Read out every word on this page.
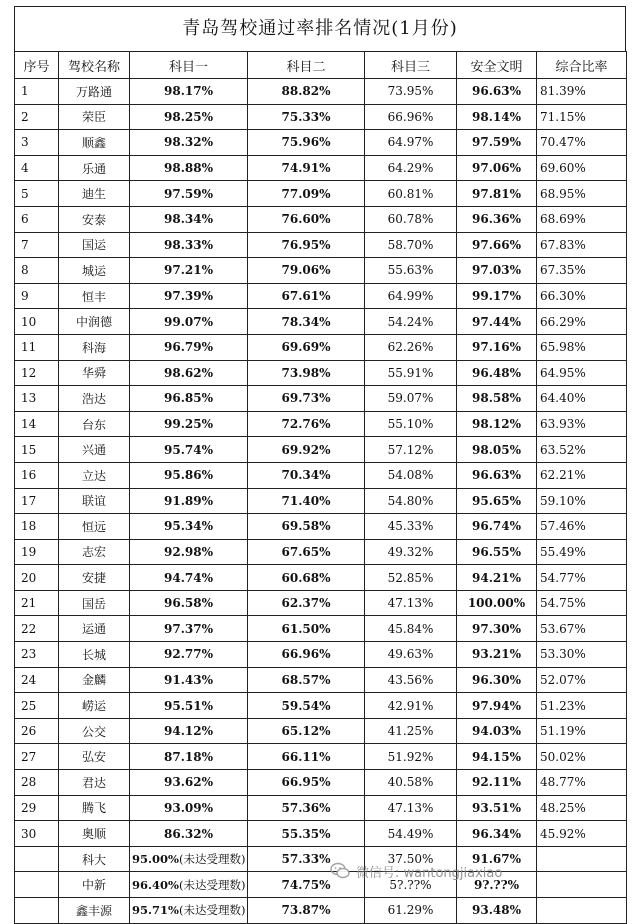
青岛驾校通过率排名情况(1月份)
序号	驾校名称	科目一	科目二	科目三	安全文明	综合比率
1	万路通	98.17%	88.82%	73.95%	96.63%	81.39%
2	荣臣	98.25%	75.33%	66.96%	98.14%	71.15%
3	顺鑫	98.32%	75.96%	64.97%	97.59%	70.47%
4	乐通	98.88%	74.91%	64.29%	97.06%	69.60%
5	迪生	97.59%	77.09%	60.81%	97.81%	68.95%
6	安泰	98.34%	76.60%	60.78%	96.36%	68.69%
7	国运	98.33%	76.95%	58.70%	97.66%	67.83%
8	城运	97.21%	79.06%	55.63%	97.03%	67.35%
9	恒丰	97.39%	67.61%	64.99%	99.17%	66.30%
10	中润德	99.07%	78.34%	54.24%	97.44%	66.29%
11	科海	96.79%	69.69%	62.26%	97.16%	65.98%
12	华舜	98.62%	73.98%	55.91%	96.48%	64.95%
13	浩达	96.85%	69.73%	59.07%	98.58%	64.40%
14	台东	99.25%	72.76%	55.10%	98.12%	63.93%
15	兴通	95.74%	69.92%	57.12%	98.05%	63.52%
16	立达	95.86%	70.34%	54.08%	96.63%	62.21%
17	联谊	91.89%	71.40%	54.80%	95.65%	59.10%
18	恒远	95.34%	69.58%	45.33%	96.74%	57.46%
19	志宏	92.98%	67.65%	49.32%	96.55%	55.49%
20	安捷	94.74%	60.68%	52.85%	94.21%	54.77%
21	国岳	96.58%	62.37%	47.13%	100.00%	54.75%
22	运通	97.37%	61.50%	45.84%	97.30%	53.67%
23	长城	92.77%	66.96%	49.63%	93.21%	53.30%
24	金麟	91.43%	68.57%	43.56%	96.30%	52.07%
25	崂运	95.51%	59.54%	42.91%	97.94%	51.23%
26	公交	94.12%	65.12%	41.25%	94.03%	51.19%
27	弘安	87.18%	66.11%	51.92%	94.15%	50.02%
28	君达	93.62%	66.95%	40.58%	92.11%	48.77%
29	腾飞	93.09%	57.36%	47.13%	93.51%	48.25%
30	奥顺	86.32%	55.35%	54.49%	96.34%	45.92%
	科大	95.00%(未达受理数)	57.33%	37.50%	91.67%	
	中新	96.40%(未达受理数)	74.75%	5?.??%	9?.??%	
	鑫丰源	95.71%(未达受理数)	73.87%	61.29%	93.48%	
微信号: wantongjiaxiao
